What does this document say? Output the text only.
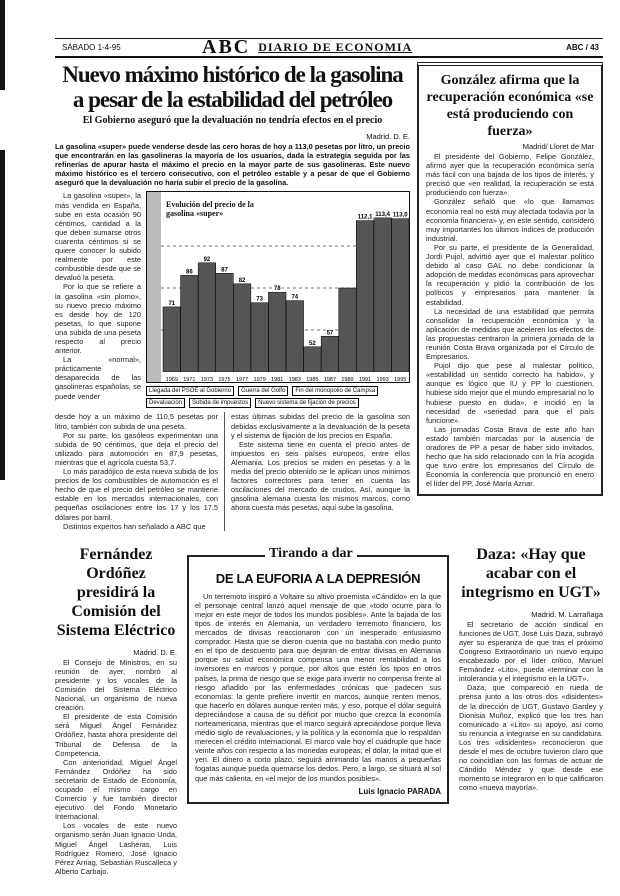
SÁBADO 1-4-95	ABC DIARIO DE ECONOMIA	ABC / 43
Nuevo máximo histórico de la gasolina
a pesar de la estabilidad del petróleo
El Gobierno aseguró que la devaluación no tendría efectos en el precio
Madrid. D. E.
La gasolina «super» puede venderse desde las cero horas de hoy a 113,0 pesetas por litro, un precio que encontrarán en las gasolineras la mayoría de los usuarios, dada la estrategia seguida por las refinerías de apurar hasta el máximo el precio en la mayor parte de sus gasolineras. Este nuevo máximo histórico es el tercero consecutivo, con el petróleo estable y a pesar de que el Gobierno aseguró que la devaluación no haría subir el precio de la gasolina.

La gasolina «super», la más vendida en España, sube en esta ocasión 90 céntimos, cantidad a la que deben sumarse otros cuarenta céntimos si se quiere conocer lo subido realmente por este combustible desde que se devaluó la peseta.

Por lo que se refiere a la gasolina «sin plomo», su nuevo precio máximo es desde hoy de 120 pesetas, lo que supone una subida de una peseta respecto al precio anterior.

La «normal», prácticamente desaparecida de las gasolineras españolas, se puede vender

71
86
92
87
82
73
78
74
52
57
112,1 113,4 113,0
1969 1971 1973 1975 1977 1979 1981 1983 1985 1987 1989 1991 1993 1995
Evolución del precio de la gasolina «super»
Llegada del PSOE al Gobierno	Guerra del Golfo	Fin del monopolio de Campsa
Devaluación	Subida de impuestos	Nuevo sistema de fijación de precios

desde hoy a un máximo de 110,5 pesetas por litro, también con subida de una peseta.

Por su parte, los gasóleos experimentan una subida de 90 céntimos, que deja el precio del utilizado para automoción en 87,9 pesetas, mientras que el agrícola cuesta 53,7.

Lo más paradójico de esta nueva subida de los precios de los combustibles de automoción es el hecho de que el precio del petróleo se mantiene estable en los mercados internacionales, con pequeñas oscilaciones entre los 17 y los 17,5 dólares por barril.

Distintos expertos han señalado a ABC que

estas últimas subidas del precio de la gasolina son debidas exclusivamente a la devaluación de la peseta y el sistema de fijación de los precios en España.

Este sistema tiene en cuenta el precio antes de impuestos en seis países europeos, entre ellos Alemania. Los precios se miden en pesetas y a la media del precio obtenido se le aplican unos mínimos factores correctores para tener en cuenta las oscilaciones del mercado de crudos. Así, aunque la gasolina alemana cuesta los mismos marcos, como ahora cuesta más pesetas, aquí sube la gasolina.

González afirma que la recuperación económica «se está produciendo con fuerza»
Madrid/ Lloret de Mar

El presidente del Gobierno, Felipe González, afirmó ayer que la recuperación económica sería más fácil con una bajada de los tipos de interés, y precisó que «en realidad, la recuperación se está produciendo con fuerza».

González señaló que «lo que llamamos economía real no está muy afectada todavía por la economía financiera» y, en este sentido, consideró muy importantes los últimos índices de producción industrial.

Por su parte, el presidente de la Generalidad, Jordi Pujol, advirtió ayer que el malestar político debido al caso GAL no debe condicionar la adopción de medidas económicas para aprovechar la recuperación y pidió la contribución de los políticos y empresarios para mantener la estabilidad.

La necesidad de una estabilidad que permita consolidar la recuperación económica y la aplicación de medidas que aceleren los efectos de las propuestas centraron la primera jornada de la reunión Costa Brava organizada por el Círculo de Empresarios.

Pujol dijo que pese al malestar político, «estabilidad un sentido correcto ha habido», y aunque es lógico que IU y PP lo cuestionen, hubiese sido mejor que el mundo empresarial no lo hubiese puesto en duda», e incidió en la necesidad de «seriedad para que el país funcione».

Las jornadas Costa Brava de este año han estado también marcadas por la ausencia de oradores de PP a pesar de haber sido invitados, hecho que ha sido relacionado con la fría acogida que tuvo entre los empresarios del Círculo de Economía la conferencia que pronunció en enero el líder del PP, José María Aznar.

Fernández Ordóñez presidirá la Comisión del Sistema Eléctrico
Madrid. D. E.

El Consejo de Ministros, en su reunión de ayer, nombró al presidente y los vocales de la Comisión del Sistema Eléctrico Nacional, un organismo de nueva creación.

El presidente de esta Comisión será Miguel Ángel Fernández Ordóñez, hasta ahora presidente del Tribunal de Defensa de la Competencia.

Con anterioridad, Miguel Ángel Fernández Ordóñez ha sido secretario de Estado de Economía, ocupado el mismo cargo en Comercio y fue también director ejecutivo del Fondo Monetario Internacional.

Los vocales de este nuevo organismo serán Juan Ignacio Unda, Miguel Ángel Lasheras, Luis Rodríguez Romero, José Ignacio Pérez Arriag, Sebastián Ruscalleca y Alberto Carbajo.

Tirando a dar
DE LA EUFORIA A LA DEPRESIÓN
Un terremoto inspiró a Voltaire su altivo proemista «Cándido» en la que el personaje central lanzó aquel mensaje de que «todo ocurre para lo mejor en este mejor de todos los mundos posibles». Ante la bajada de los tipos de interés en Alemania, un verdadero terremoto financiero, los mercados de divisas reaccionaron con un inesperado entusiasmo comprador. Hasta que se dieron cuenta que no bastaba con medio punto en el tipo de descuento para que dejaran de entrar divisas en Alemania porque su salud económica compensa una menor rentabilidad a los inversores en marcos y porque, por altos que estén los tipos en otros países, la prima de riesgo que se exige para invertir no compensa frente al riesgo añadido por las enfermedades crónicas que padecen sus economías: la gente prefiere invertir en marcos, aunque renten menos, que hacerlo en dólares aunque renten más, y eso, porque el dólar seguirá depreciándose a causa de su déficit por mucho que crezca la economía norteamericana, mientras que el marco seguirá apreciándose porque lleva medio siglo de revaluaciones, y la política y la economía que lo respaldan merecen el crédito internacional. El marco vale hoy el cuádruple que hace veinte años con respecto a las monedas europeas; el dólar, la mitad que el yen. El dinero a corto plazo, seguirá arrimando las manos a pequeñas fogatas aunque pueda quemarse los dedos. Pero, a largo, se situará al sol que más calienta, en «el mejor de los mundos posibles».
Luis Ignacio PARADA
Daza: «Hay que acabar con el integrismo en UGT»
Madrid. M. Larrañaga

El secretario de acción sindical en funciones de UGT, José Luis Daza, subrayó ayer su esperanza de que tras el próximo Congreso Extraordinario un nuevo equipo encabezado por el líder crítico, Manuel Fernández «Lito», pueda «terminar con la intolerancia y el integrismo en la UGT».

Daza, que compareció en rueda de prensa junto a los otros dos «disidentes» de la dirección de UGT, Gustavo Gardey y Dionisia Muñoz, explicó que los tres han comunicado a «Lito» su apoyo, así como su renuncia a integrarse en su candidatura. Los tres «disidentes» reconocieron que desde el mes de octubre tuvieron claro que no coincidían con las formas de actuar de Cándido Méndez y que desde ese momento se integraron en lo que calificaron como «nueva mayoría».
